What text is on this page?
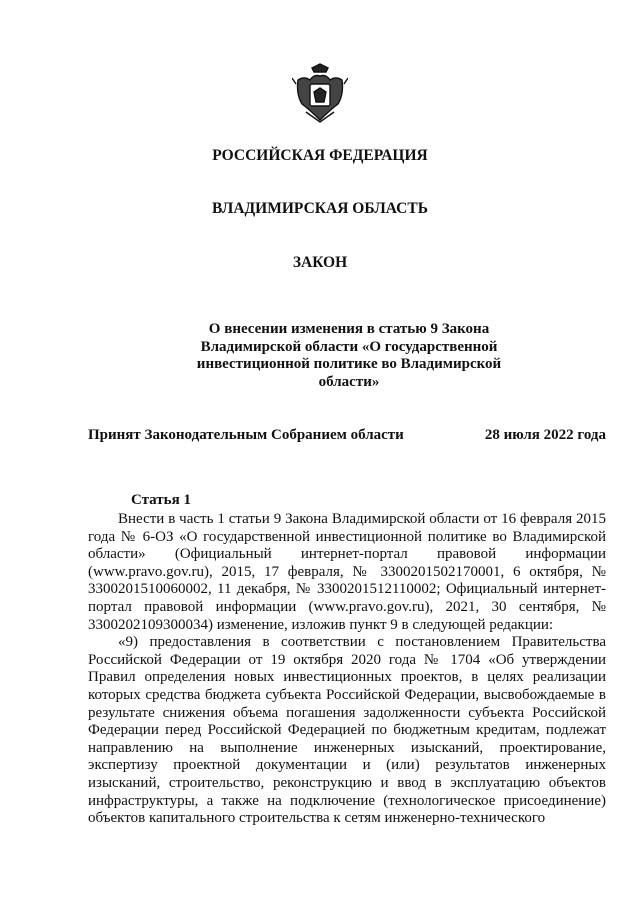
РОССИЙСКАЯ ФЕДЕРАЦИЯ
ВЛАДИМИРСКАЯ ОБЛАСТЬ
ЗАКОН
О внесении изменения в статью 9 Закона Владимирской области «О государственной инвестиционной политике во Владимирской области»
Принят Законодательным Собранием области	28 июля 2022 года
Статья 1

Внести в часть 1 статьи 9 Закона Владимирской области от 16 февраля 2015 года № 6-ОЗ «О государственной инвестиционной политике во Владимирской области» (Официальный интернет-портал правовой информации (www.pravo.gov.ru), 2015, 17 февраля, № 3300201502170001, 6 октября, № 3300201510060002, 11 декабря, № 3300201512110002; Официальный интернет-портал правовой информации (www.pravo.gov.ru), 2021, 30 сентября, № 3300202109300034) изменение, изложив пункт 9 в следующей редакции:

«9) предоставления в соответствии с постановлением Правительства Российской Федерации от 19 октября 2020 года № 1704 «Об утверждении Правил определения новых инвестиционных проектов, в целях реализации которых средства бюджета субъекта Российской Федерации, высвобождаемые в результате снижения объема погашения задолженности субъекта Российской Федерации перед Российской Федерацией по бюджетным кредитам, подлежат направлению на выполнение инженерных изысканий, проектирование, экспертизу проектной документации и (или) результатов инженерных изысканий, строительство, реконструкцию и ввод в эксплуатацию объектов инфраструктуры, а также на подключение (технологическое присоединение) объектов капитального строительства к сетям инженерно-технического
